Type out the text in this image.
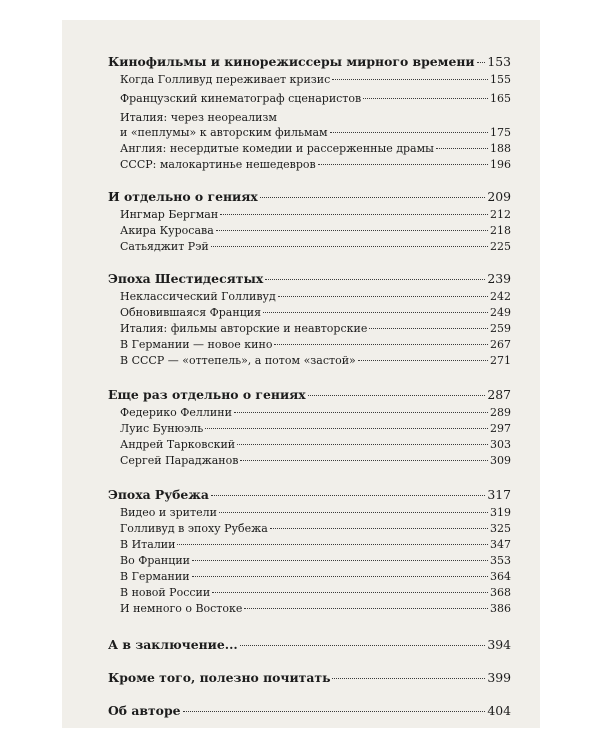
Кинофильмы и кинорежиссеры мирного времени 153
Когда Голливуд переживает кризис	155
Французский кинематограф сценаристов	165
Италия: через неореализм
и «пеплумы» к авторским фильмам	175
Англия: несердитые комедии и рассерженные драмы	188
СССР: малокартинье нешедевров	196
И отдельно о гениях	209
Ингмар Бергман	212
Акира Куросава	218
Сатьяджит Рэй	225
Эпоха Шестидесятых	239
Неклассический Голливуд	242
Обновившаяся Франция	249
Италия: фильмы авторские и неавторские	259
В Германии — новое кино	267
В СССР — «оттепель», а потом «застой»	271
Еще раз отдельно о гениях	287
Федерико Феллини	289
Луис Бунюэль	297
Андрей Тарковский	303
Сергей Параджанов	309
Эпоха Рубежа	317
Видео и зрители	319
Голливуд в эпоху Рубежа	325
В Италии	347
Во Франции	353
В Германии	364
В новой России	368
И немного о Востоке	386
А в заключение...	394
Кроме того, полезно почитать	399
Об авторе	404
